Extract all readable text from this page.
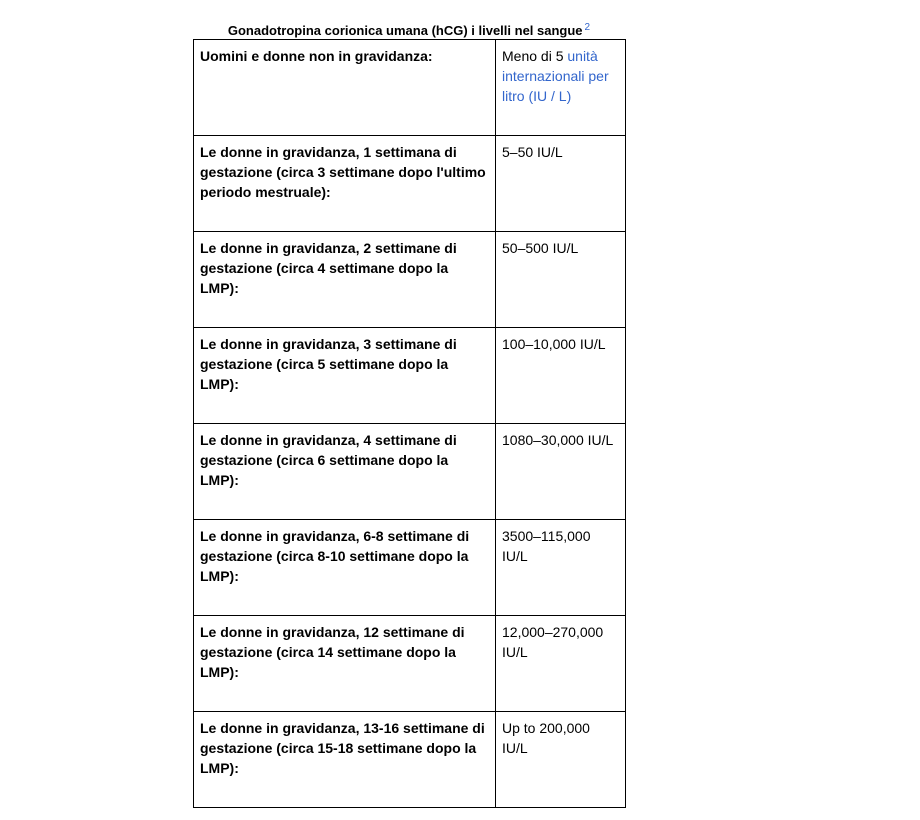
Gonadotropina corionica umana (hCG) i livelli nel sangue $^2$
Uomini e donne non in gravidanza:	Meno di 5 unità internazionali per litro (IU / L)
Le donne in gravidanza, 1 settimana di gestazione (circa 3 settimane dopo l'ultimo periodo mestruale):	5–50 IU/L
Le donne in gravidanza, 2 settimane di gestazione (circa 4 settimane dopo la LMP):	50–500 IU/L
Le donne in gravidanza, 3 settimane di gestazione (circa 5 settimane dopo la LMP):	100–10,000 IU/L
Le donne in gravidanza, 4 settimane di gestazione (circa 6 settimane dopo la LMP):	1080–30,000 IU/L
Le donne in gravidanza, 6-8 settimane di gestazione (circa 8-10 settimane dopo la LMP):	3500–115,000 IU/L
Le donne in gravidanza, 12 settimane di gestazione (circa 14 settimane dopo la LMP):	12,000–270,000 IU/L
Le donne in gravidanza, 13-16 settimane di gestazione (circa 15-18 settimane dopo la LMP):	Up to 200,000 IU/L
